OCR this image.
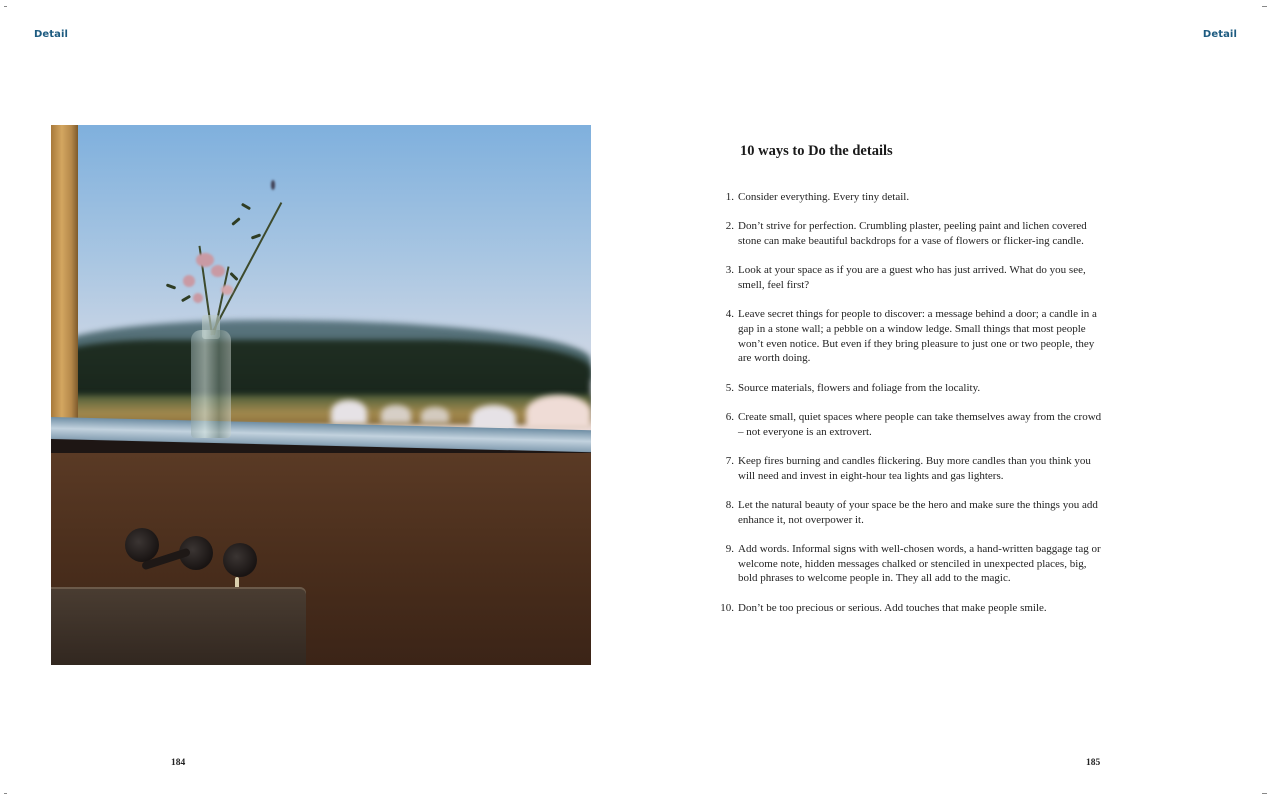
Detail
184
Detail
10 ways to Do the details
1. Consider everything. Every tiny detail.
2. Don’t strive for perfection. Crumbling plaster, peeling paint and lichen covered stone can make beautiful backdrops for a vase of flowers or flicker-ing candle.
3. Look at your space as if you are a guest who has just arrived. What do you see, smell, feel first?
4. Leave secret things for people to discover: a message behind a door; a candle in a gap in a stone wall; a pebble on a window ledge. Small things that most people won’t even notice. But even if they bring pleasure to just one or two people, they are worth doing.
5. Source materials, flowers and foliage from the locality.
6. Create small, quiet spaces where people can take themselves away from the crowd – not everyone is an extrovert.
7. Keep fires burning and candles flickering. Buy more candles than you think you will need and invest in eight-hour tea lights and gas lighters.
8. Let the natural beauty of your space be the hero and make sure the things you add enhance it, not overpower it.
9. Add words. Informal signs with well-chosen words, a hand-written baggage tag or welcome note, hidden messages chalked or stenciled in unexpected places, big, bold phrases to welcome people in. They all add to the magic.
10. Don’t be too precious or serious. Add touches that make people smile.
185
